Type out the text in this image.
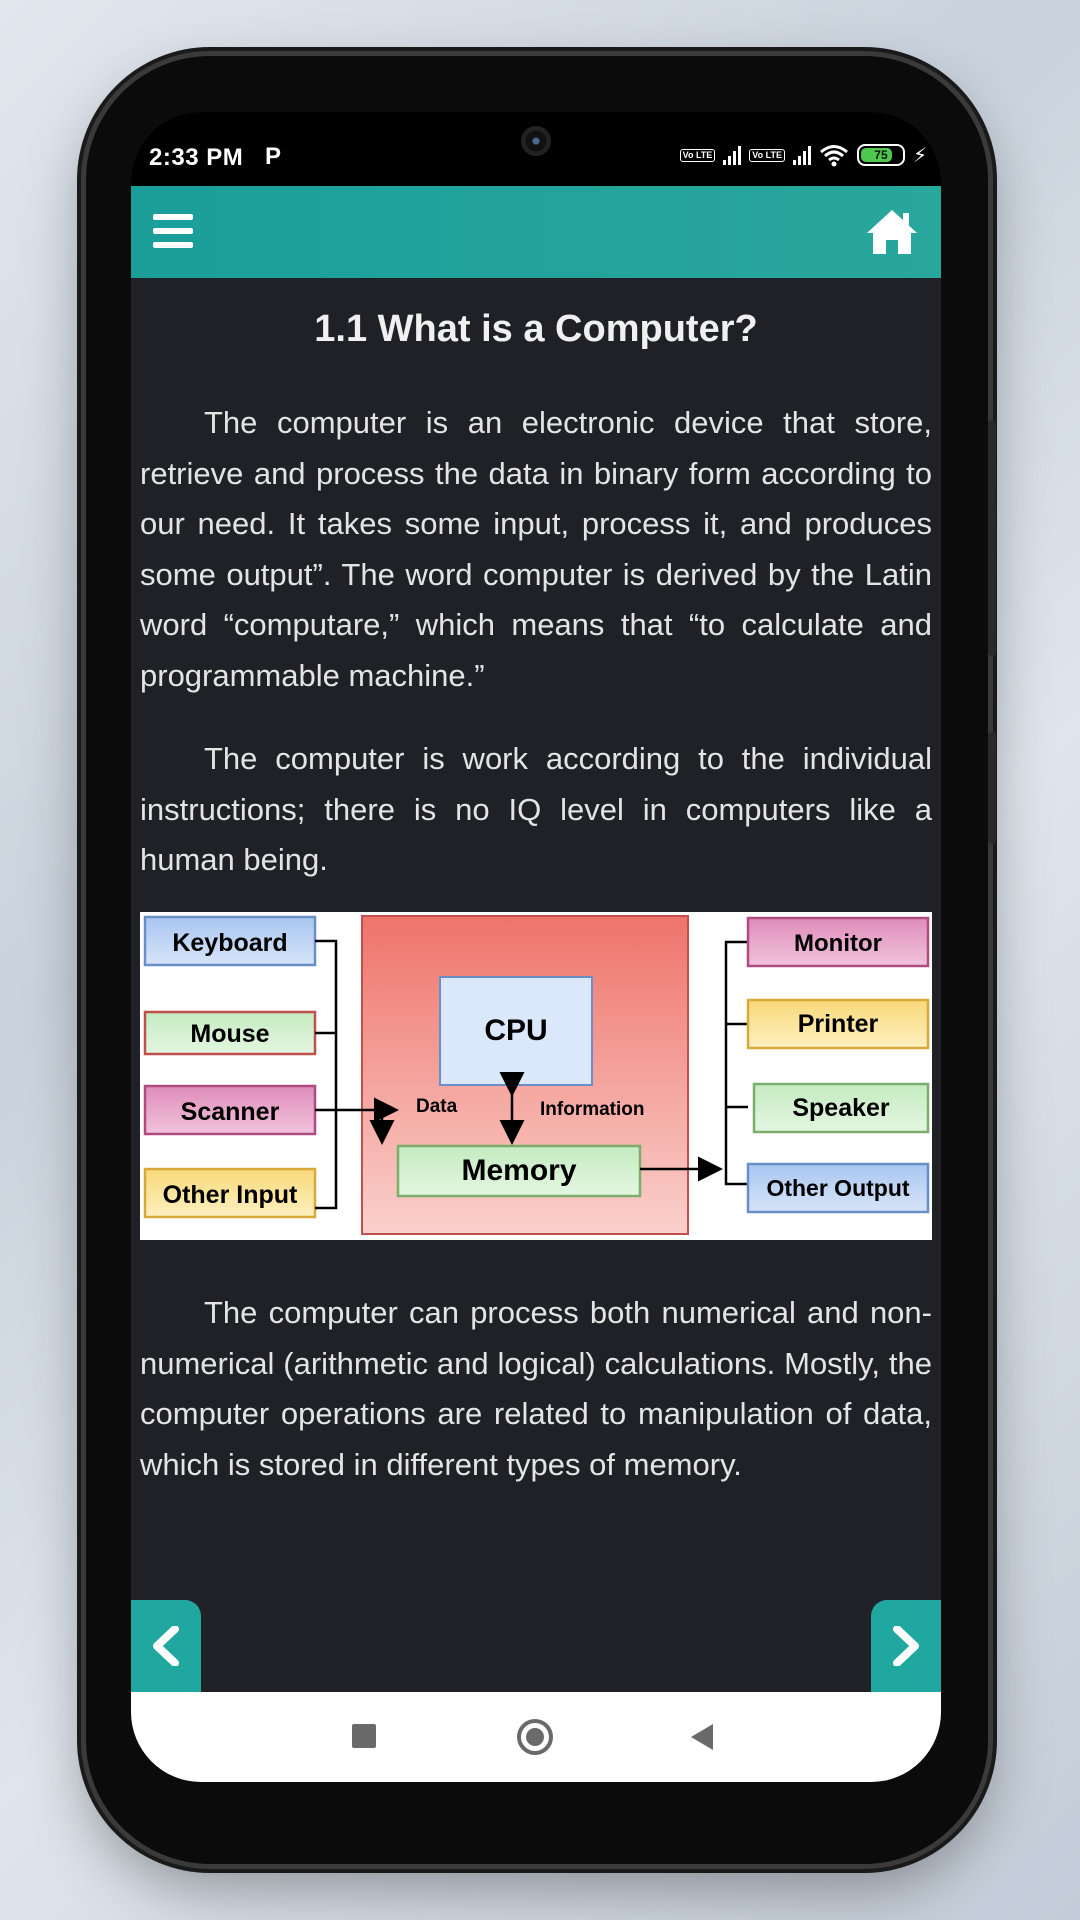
2:33 PM P	Vo LTE	Vo LTE	75 ⚡
1.1 What is a Computer?

The computer is an electronic device that store, retrieve and process the data in binary form according to our need. It takes some input, process it, and produces some output”. The word computer is derived by the Latin word “computare,” which means that “to calculate and programmable machine.”

The computer is work according to the individual instructions; there is no IQ level in computers like a human being.

CPU
Memory
Data	Information
Keyboard
Mouse
Scanner
Other Input
Monitor
Printer
Speaker
Other Output

The computer can process both numerical and non-numerical (arithmetic and logical) calculations. Mostly, the computer operations are related to manipulation of data, which is stored in different types of memory.
